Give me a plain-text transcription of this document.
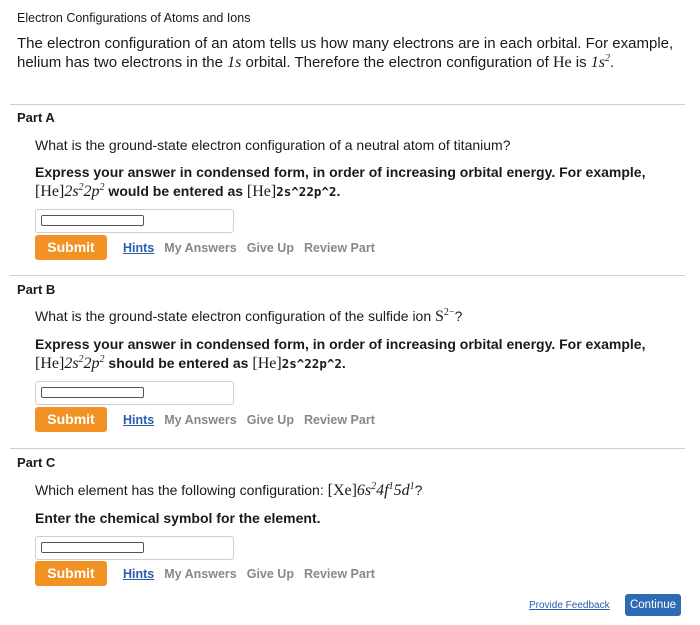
Electron Configurations of Atoms and Ions
The electron configuration of an atom tells us how many electrons are in each orbital. For example, helium has two electrons in the 1s orbital. Therefore the electron configuration of He is $1s^2$.
Part A
What is the ground-state electron configuration of a neutral atom of titanium?
Express your answer in condensed form, in order of increasing orbital energy. For example, $[He]2s^22p^2$ would be entered as [He]2s^22p^2.
Submit	Hints My Answers Give Up Review Part
Part B
What is the ground-state electron configuration of the sulfide ion $S^{2-}$?
Express your answer in condensed form, in order of increasing orbital energy. For example, $[He]2s^22p^2$ should be entered as [He]2s^22p^2.
Submit	Hints My Answers Give Up Review Part
Part C
Which element has the following configuration: $[Xe]6s^24f^15d^1$?
Enter the chemical symbol for the element.
Submit	Hints My Answers Give Up Review Part
Provide Feedback	Continue
